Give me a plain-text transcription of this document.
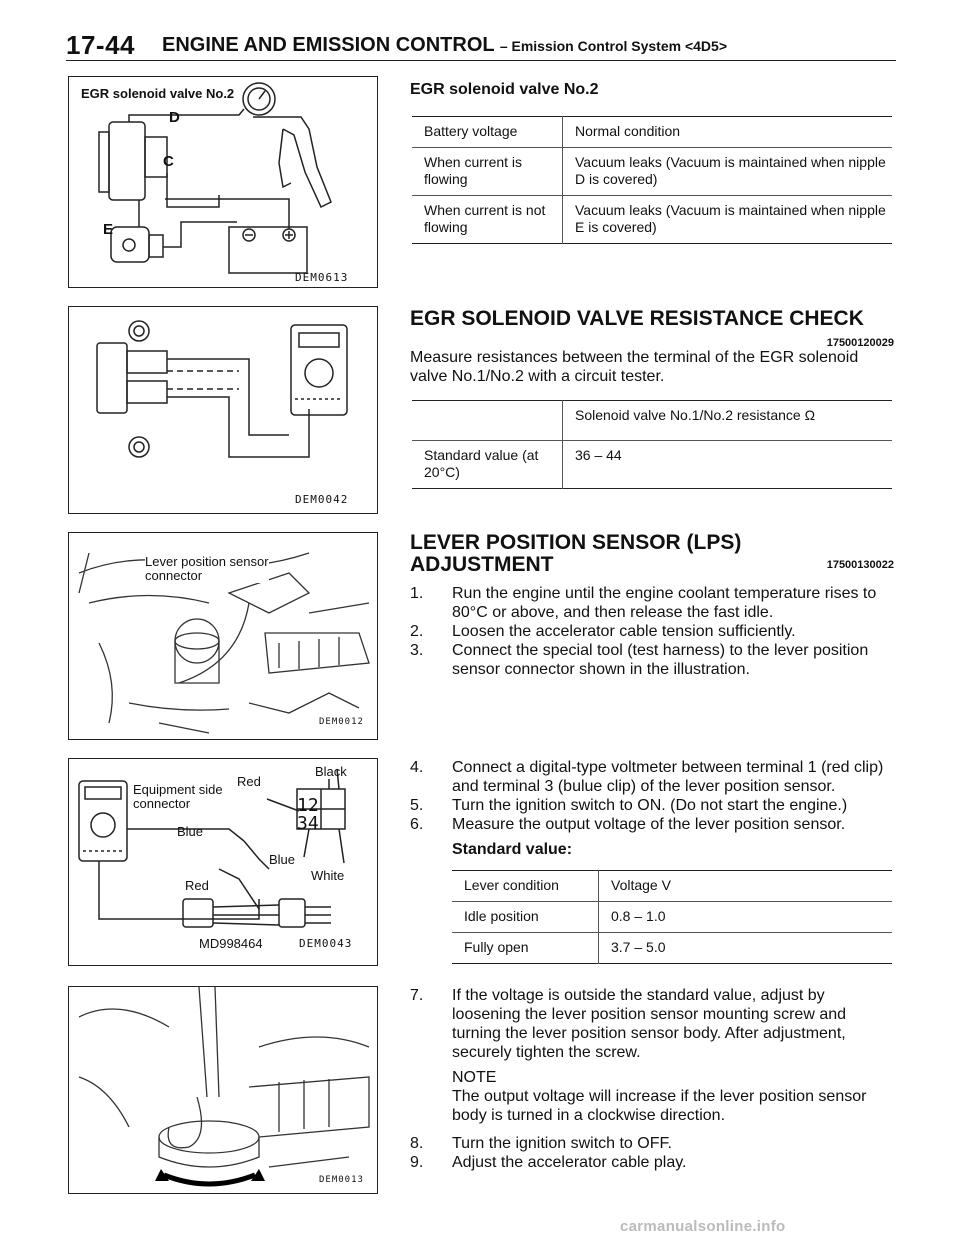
17-44 ENGINE AND EMISSION CONTROL – Emission Control System <4D5>
EGR solenoid valve No.2
D
C
E
DEM0613
DEM0042
Lever position sensor
connector
DEM0012
Black
Red
Equipment side
connector	12
34
Blue
Blue
White
Red
MD998464	DEM0043
DEM0013
EGR solenoid valve No.2
Battery voltage	Normal condition
When current is flowing	Vacuum leaks (Vacuum is maintained when nipple D is covered)
When current is not flowing	Vacuum leaks (Vacuum is maintained when nipple E is covered)
EGR SOLENOID VALVE RESISTANCE CHECK
17500120029
Measure resistances between the terminal of the EGR solenoid valve No.1/No.2 with a circuit tester.
	Solenoid valve No.1/No.2 resistance Ω
Standard value (at 20°C)	36 – 44
LEVER POSITION SENSOR (LPS)
ADJUSTMENT	17500130022
1. Run the engine until the engine coolant temperature rises to 80°C or above, and then release the fast idle.
2. Loosen the accelerator cable tension sufficiently.
3. Connect the special tool (test harness) to the lever position sensor connector shown in the illustration.
4. Connect a digital-type voltmeter between terminal 1 (red clip) and terminal 3 (bulue clip) of the lever position sensor.
5. Turn the ignition switch to ON. (Do not start the engine.)
6. Measure the output voltage of the lever position sensor.
Standard value:
Lever condition	Voltage V
Idle position	0.8 – 1.0
Fully open	3.7 – 5.0
7. If the voltage is outside the standard value, adjust by loosening the lever position sensor mounting screw and turning the lever position sensor body. After adjustment, securely tighten the screw.
NOTE
The output voltage will increase if the lever position sensor body is turned in a clockwise direction.
8. Turn the ignition switch to OFF.
9. Adjust the accelerator cable play.
carmanualsonline.info
